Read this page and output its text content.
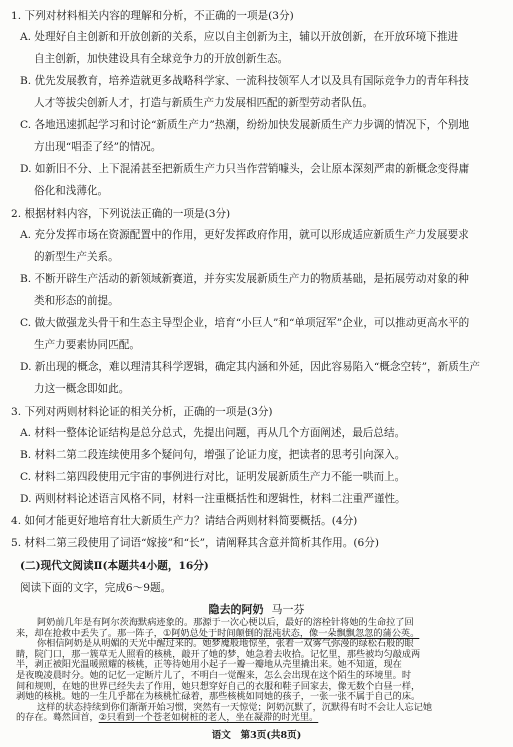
1. 下列对材料相关内容的理解和分析，不正确的一项是(3分)
A. 处理好自主创新和开放创新的关系，应以自主创新为主，辅以开放创新，在开放环境下推进
自主创新，加快建设具有全球竞争力的开放创新生态。
B. 优先发展教育，培养造就更多战略科学家、一流科技领军人才以及具有国际竞争力的青年科技
人才等拔尖创新人才，打造与新质生产力发展相匹配的新型劳动者队伍。
C. 各地迅速抓起学习和讨论“新质生产力”热潮，纷纷加快发展新质生产力步调的情况下，个别地
方出现“唱歪了经”的情况。
D. 如新旧不分、上下混淆甚至把新质生产力只当作营销噱头，会让原本深刻严肃的新概念变得庸
俗化和浅薄化。
2. 根据材料内容，下列说法正确的一项是(3分)
A. 充分发挥市场在资源配置中的作用，更好发挥政府作用，就可以形成适应新质生产力发展要求
的新型生产关系。
B. 不断开辟生产活动的新领域新赛道，并夯实发展新质生产力的物质基础，是拓展劳动对象的种
类和形态的前提。
C. 做大做强龙头骨干和生态主导型企业，培育“小巨人”和“单项冠军”企业，可以推动更高水平的
生产力要素协同匹配。
D. 新出现的概念，难以理清其科学逻辑，确定其内涵和外延，因此容易陷入“概念空转”，新质生产
力这一概念即如此。
3. 下列对两则材料论证的相关分析，正确的一项是(3分)
A. 材料一整体论证结构是总分总式，先提出问题，再从几个方面阐述，最后总结。
B. 材料二第二段连续使用多个疑问句，增强了论证力度，把读者的思考引向深入。
C. 材料二第四段使用元宇宙的事例进行对比，证明发展新质生产力不能一哄而上。
D. 两则材料论述语言风格不同，材料一注重概括性和逻辑性，材料二注重严谨性。
4. 如何才能更好地培育壮大新质生产力？请结合两则材料简要概括。(4分)
5. 材料二第三段使用了词语“嫁接”和“长”，请阐释其含意并简析其作用。(6分)
(二)现代文阅读Ⅱ(本题共4小题，16分)
阅读下面的文字，完成6～9题。
隐去的阿奶 马一芬
阿奶前几年是有阿尔茨海默病迹象的。那源于一次心梗以后，最好的溶栓针将她的生命拉了回
来，却在抢救中丢失了。那一阵子，①阿奶总处于时间颠倒的混沌状态，像一朵飘飘忽忽的蒲公英。
你相信阿奶是从明媚的天光中醒过来的。她梦魇般地惊坐，张着一双雾气弥漫的绿松石般的眼
睛，院门口，那一簇草无人照看的核桃，敲开了她的梦，她急着去收拾。记忆里，那些被均匀敲成两
半，剥正被阳光温暖照耀的核桃，正等待她用小起子一瓣一瓣地从壳里撬出来。她不知道，现在
是夜晚凌晨时分。她的记忆一定断片儿了，不明白一觉醒来，怎么会出现在这个陌生的环境里。时
间和规则，在她的世界已经失去了作用，她只想穿好自己的衣服和鞋子回家去，像无数个白昼一样，
剥她的核桃。她的一生几乎都在为核桃忙碌着，那些核桃如同她的孩子，一张一张不属于自己的床。
这样的状态持续到你们渐渐开始习惯，突然有一天惊觉；阿奶沉默了，沉默得有时不会让人忘记她
的存在。蓦然回首，②只看到一个苍老如树桩的老人，坐在凝滞的时光里。
语文　第3页(共8页)
